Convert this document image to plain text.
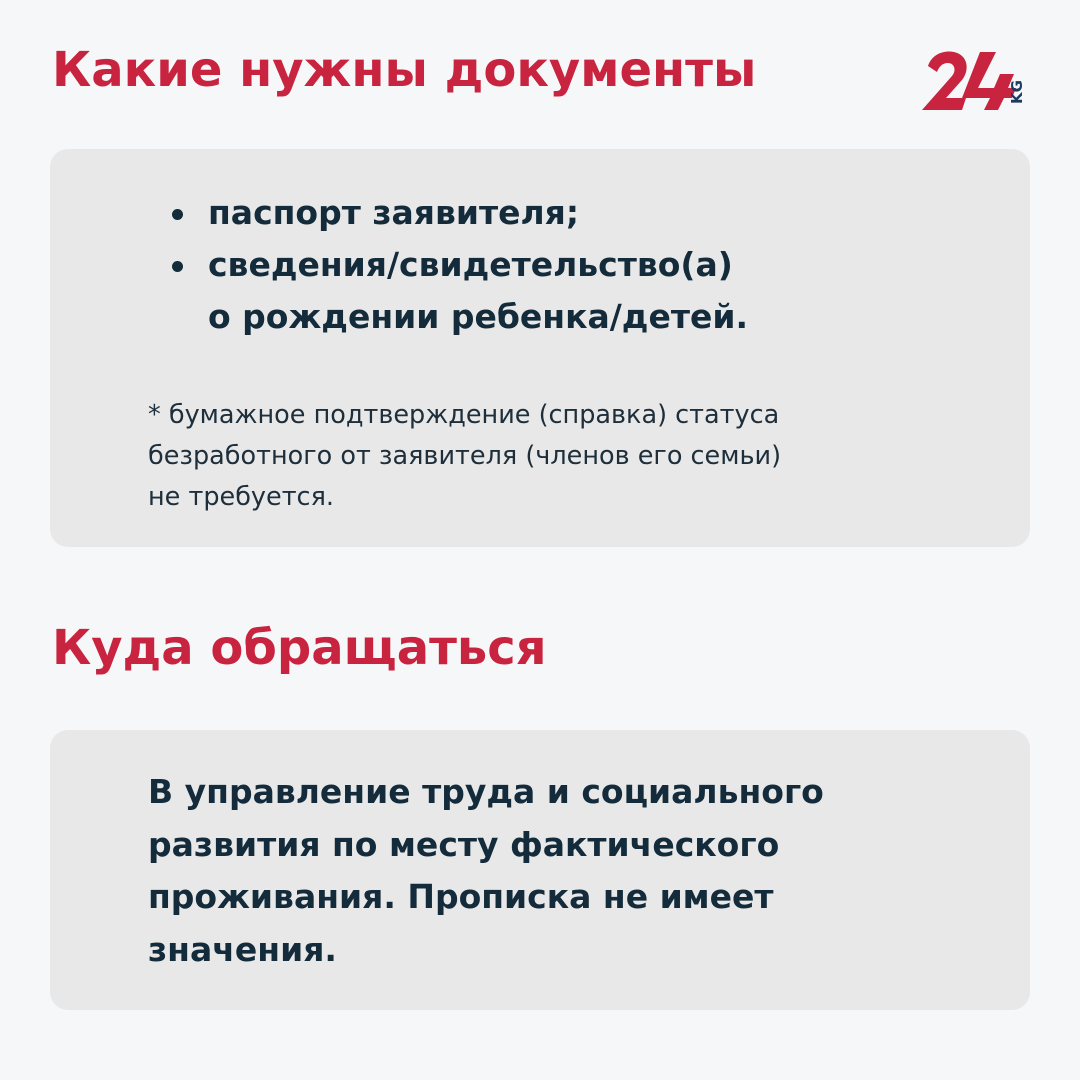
Какие нужны документы	KG
паспорт заявителя;
сведения/свидетельство(а)
о рождении ребенка/детей.

* бумажное подтверждение (справка) статуса
безработного от заявителя (членов его семьи)
не требуется.

Куда обращаться

В управление труда и социального
развития по месту фактического
проживания. Прописка не имеет
значения.
